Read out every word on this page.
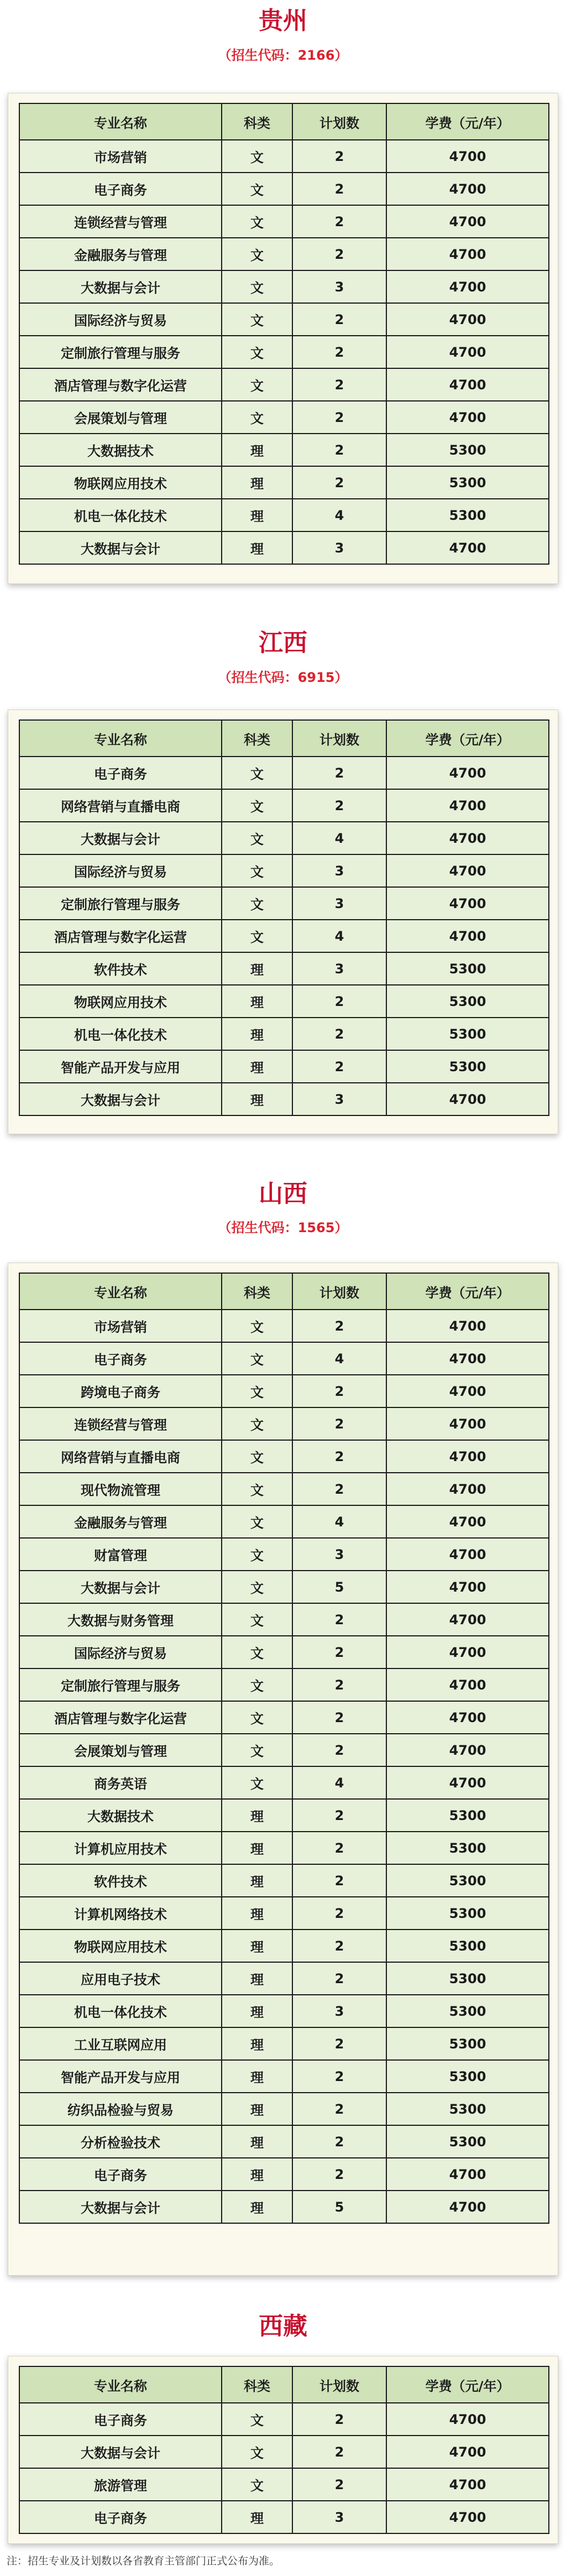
贵州
（招生代码：2166）
专业名称	科类	计划数	学费（元/年）
市场营销	文	2	4700
电子商务	文	2	4700
连锁经营与管理	文	2	4700
金融服务与管理	文	2	4700
大数据与会计	文	3	4700
国际经济与贸易	文	2	4700
定制旅行管理与服务	文	2	4700
酒店管理与数字化运营	文	2	4700
会展策划与管理	文	2	4700
大数据技术	理	2	5300
物联网应用技术	理	2	5300
机电一体化技术	理	4	5300
大数据与会计	理	3	4700
江西
（招生代码：6915）
专业名称	科类	计划数	学费（元/年）
电子商务	文	2	4700
网络营销与直播电商	文	2	4700
大数据与会计	文	4	4700
国际经济与贸易	文	3	4700
定制旅行管理与服务	文	3	4700
酒店管理与数字化运营	文	4	4700
软件技术	理	3	5300
物联网应用技术	理	2	5300
机电一体化技术	理	2	5300
智能产品开发与应用	理	2	5300
大数据与会计	理	3	4700
山西
（招生代码：1565）
专业名称	科类	计划数	学费（元/年）
市场营销	文	2	4700
电子商务	文	4	4700
跨境电子商务	文	2	4700
连锁经营与管理	文	2	4700
网络营销与直播电商	文	2	4700
现代物流管理	文	2	4700
金融服务与管理	文	4	4700
财富管理	文	3	4700
大数据与会计	文	5	4700
大数据与财务管理	文	2	4700
国际经济与贸易	文	2	4700
定制旅行管理与服务	文	2	4700
酒店管理与数字化运营	文	2	4700
会展策划与管理	文	2	4700
商务英语	文	4	4700
大数据技术	理	2	5300
计算机应用技术	理	2	5300
软件技术	理	2	5300
计算机网络技术	理	2	5300
物联网应用技术	理	2	5300
应用电子技术	理	2	5300
机电一体化技术	理	3	5300
工业互联网应用	理	2	5300
智能产品开发与应用	理	2	5300
纺织品检验与贸易	理	2	5300
分析检验技术	理	2	5300
电子商务	理	2	4700
大数据与会计	理	5	4700
西藏
专业名称	科类	计划数	学费（元/年）
电子商务	文	2	4700
大数据与会计	文	2	4700
旅游管理	文	2	4700
电子商务	理	3	4700
注：招生专业及计划数以各省教育主管部门正式公布为准。
